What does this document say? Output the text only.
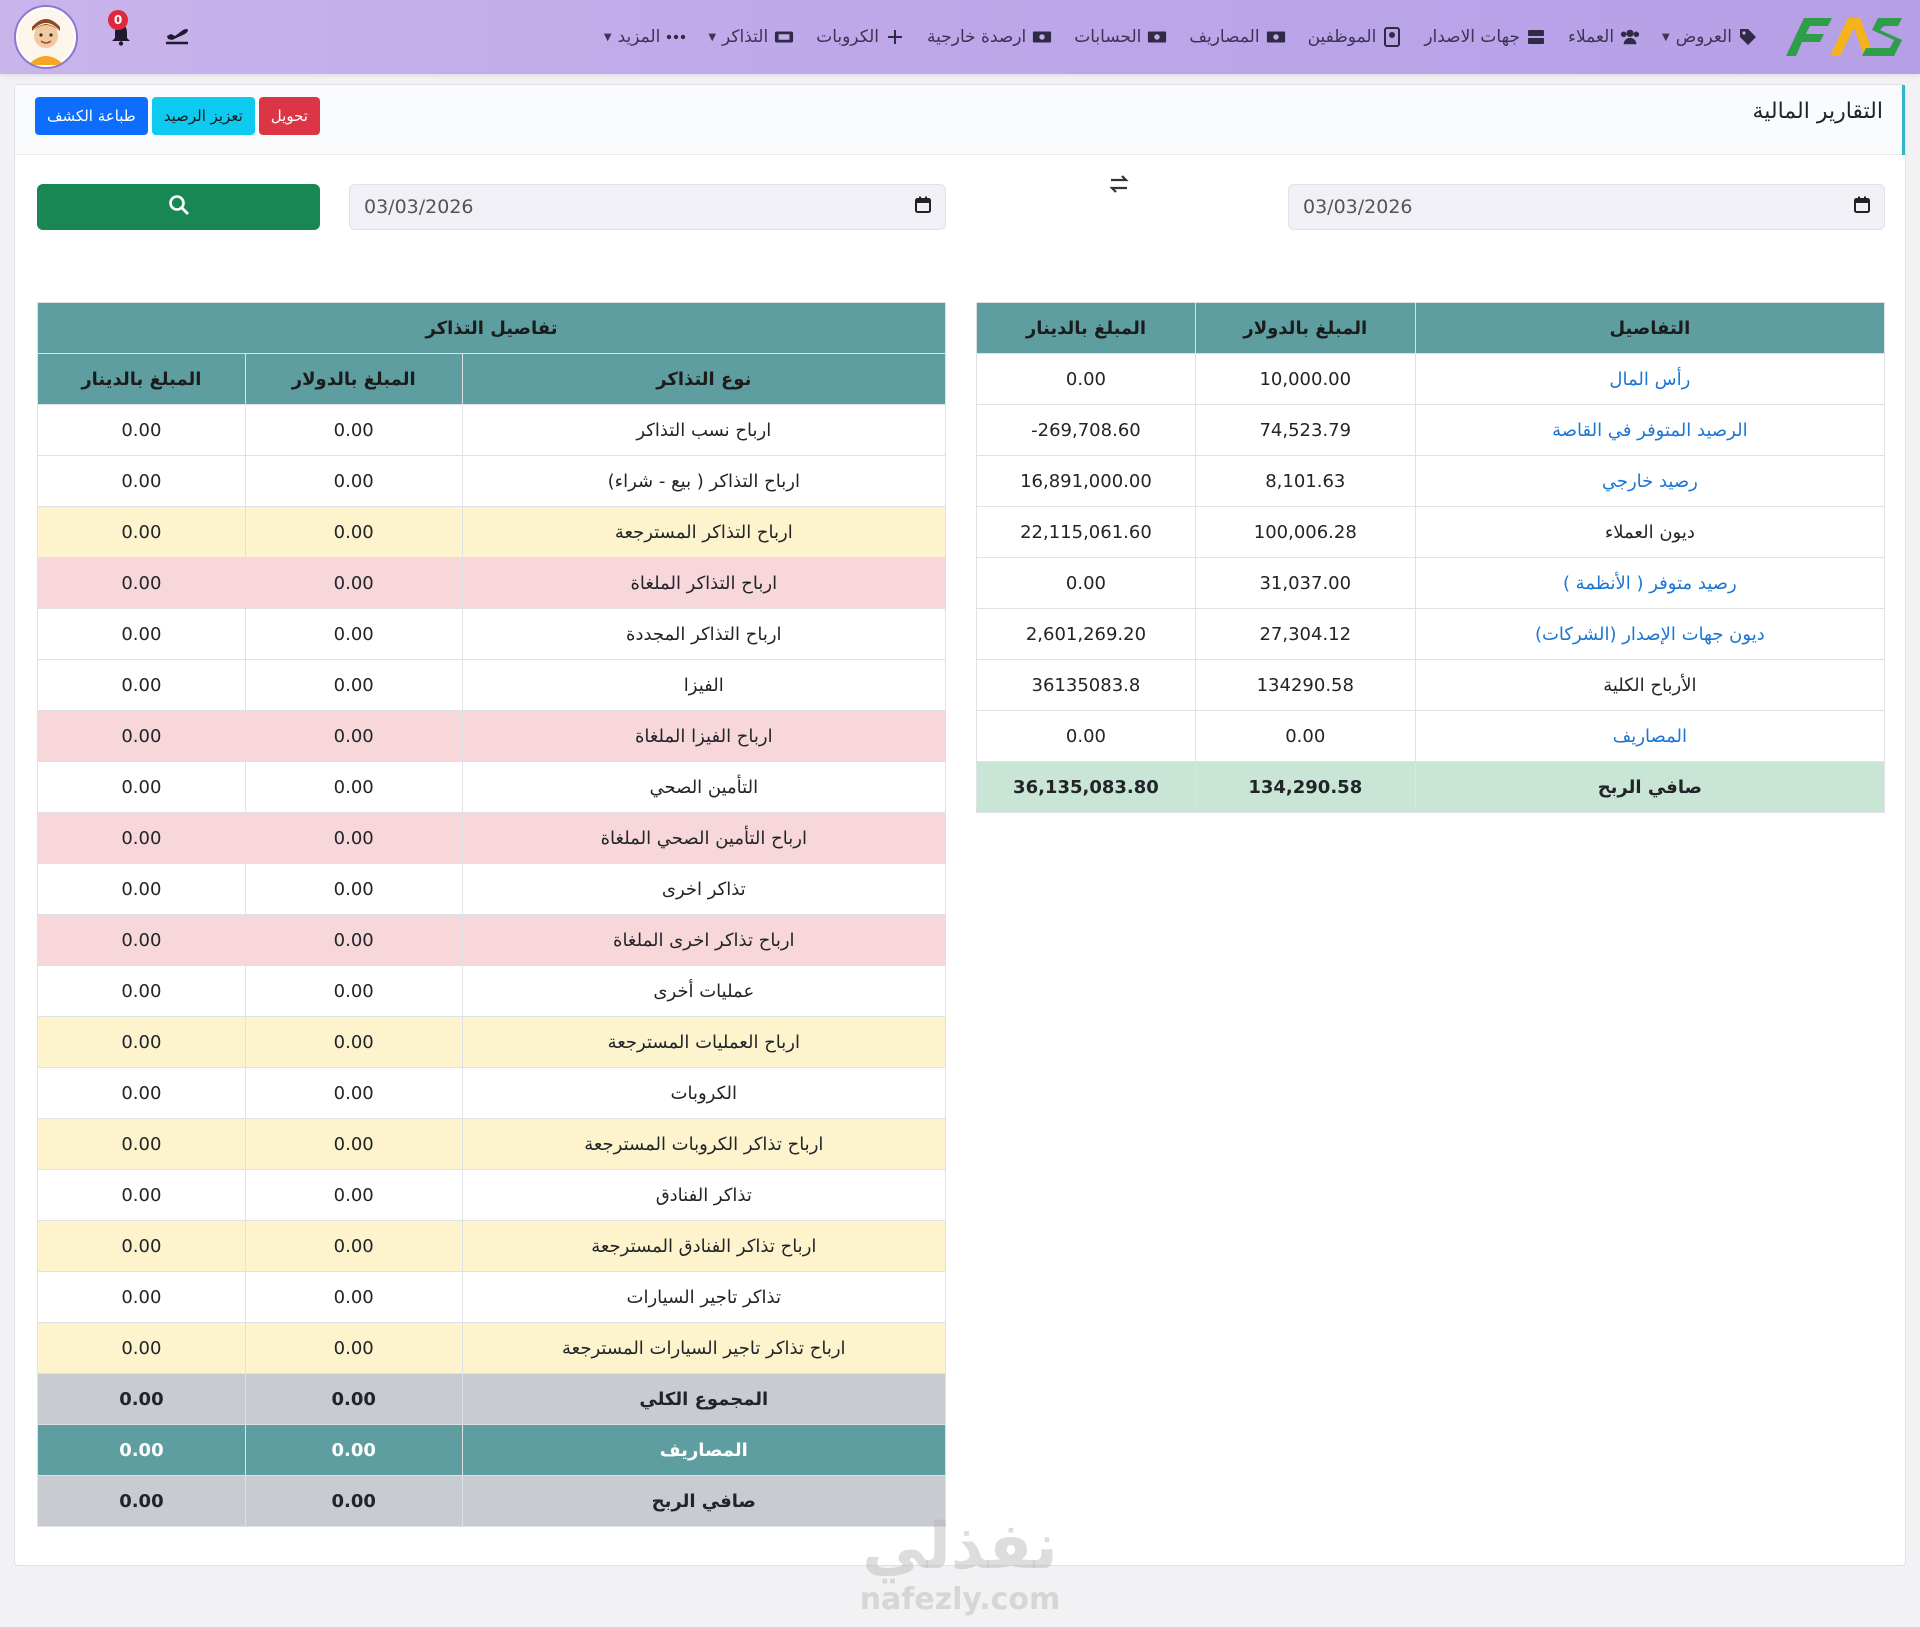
العروض
▼
العملاء
جهات الاصدار
الموظفين
المصاريف
الحسابات
ارصدة خارجية
الكروبات
التذاكر
▼
المزيد
▼
0
التقارير المالية
طباعة الكشف	تعزيز الرصيد	تحويل
03/03/2026
03/03/2026
التفاصيل	المبلغ بالدولار	المبلغ بالدينار
رأس المال	10,000.00	0.00
الرصيد المتوفر في القاصة	74,523.79	269,708.60-
رصيد خارجي	8,101.63	16,891,000.00
ديون العملاء	100,006.28	22,115,061.60
رصيد متوفر ( الأنظمة )	31,037.00	0.00
ديون جهات الإصدار (الشركات)	27,304.12	2,601,269.20
الأرباح الكلية	134290.58	36135083.8
المصاريف	0.00	0.00
صافي الربح	134,290.58	36,135,083.80
تفاصيل التذاكر		
نوع التذاكر	المبلغ بالدولار	المبلغ بالدينار
ارباح نسب التذاكر	0.00	0.00
ارباح التذاكر ( بيع - شراء)	0.00	0.00
ارباح التذاكر المسترجعة	0.00	0.00
ارباح التذاكر الملغاة	0.00	0.00
ارباح التذاكر المجددة	0.00	0.00
الفيزا	0.00	0.00
ارباح الفيزا الملغاة	0.00	0.00
التأمين الصحي	0.00	0.00
ارباح التأمين الصحي الملغاة	0.00	0.00
تذاكر اخرى	0.00	0.00
ارباح تذاكر اخرى الملغاة	0.00	0.00
عمليات أخرى	0.00	0.00
ارباح العمليات المسترجعة	0.00	0.00
الكروبات	0.00	0.00
ارباح تذاكر الكروبات المسترجعة	0.00	0.00
تذاكر الفنادق	0.00	0.00
ارباح تذاكر الفنادق المسترجعة	0.00	0.00
تذاكر تاجير السيارات	0.00	0.00
ارباح تذاكر تاجير السيارات المسترجعة	0.00	0.00
المجموع الكلي	0.00	0.00
المصاريف	0.00	0.00
صافي الربح	0.00	0.00
نفذلي
nafezly.com
